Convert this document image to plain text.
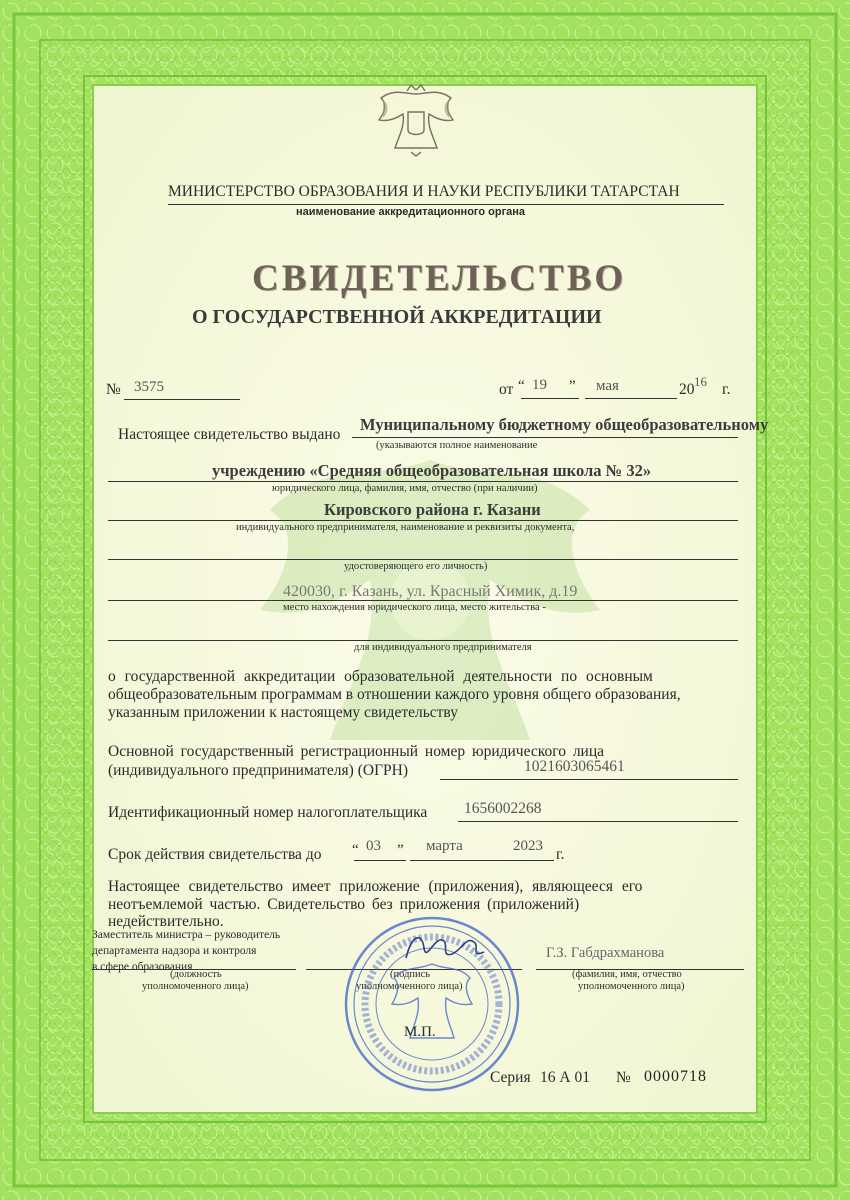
МИНИСТЕРСТВО ОБРАЗОВАНИЯ И НАУКИ РЕСПУБЛИКИ ТАТАРСТАН
наименование аккредитационного органа
СВИДЕТЕЛЬСТВО
О ГОСУДАРСТВЕННОЙ АККРЕДИТАЦИИ
№ 3575	от “ 19 ” мая	20 16 г.
Настоящее свидетельство выдано
Муниципальному бюджетному общеобразовательному
(указываются полное наименование
учреждению «Средняя общеобразовательная школа № 32»
юридического лица, фамилия, имя, отчество (при наличии)
Кировского района г. Казани
индивидуального предпринимателя, наименование и реквизиты документа,
удостоверяющего его личность)
420030, г. Казань, ул. Красный Химик, д.19
место нахождения юридического лица, место жительства -
для индивидуального предпринимателя
о государственной аккредитации образовательной деятельности по основным
общеобразовательным программам в отношении каждого уровня общего образования,
указанным приложении к настоящему свидетельству
Основной государственный регистрационный номер юридического лица
(индивидуального предпринимателя) (ОГРН)	1021603065461
Идентификационный номер налогоплательщика 1656002268
Срок действия свидетельства до “ 03 ” марта	2023 г.
Настоящее свидетельство имеет приложение (приложения), являющееся его
неотъемлемой частью. Свидетельство без приложения (приложений)
недействительно.
Заместитель министра – руководитель
департамента надзора и контроля
в сфере образования
(должность
уполномоченного лица)
(подпись
уполномоченного лица)
Г.З. Габдрахманова
(фамилия, имя, отчество
уполномоченного лица)
М.П.
Серия 16 А 01 № 0000718
